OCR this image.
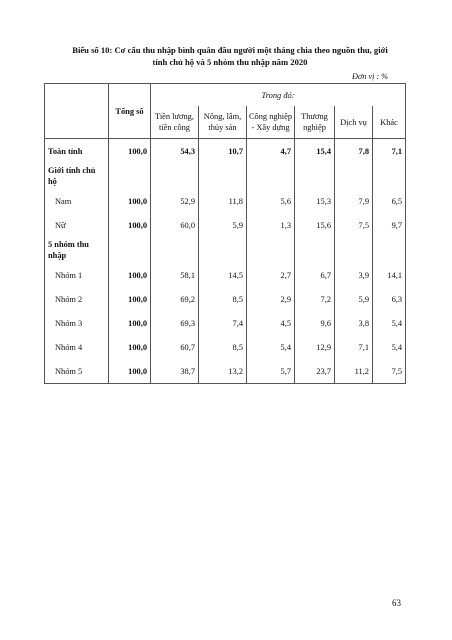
Biểu số 10: Cơ cấu thu nhập bình quân đầu người một tháng chia theo nguồn thu, giới tính chủ hộ và 5 nhóm thu nhập năm 2020
Đơn vị : %

	Tổng số	Trong đó:					
		Tiền lương, tiền công	Nông, lâm, thủy sản	Công nghiệp - Xây dựng	Thương nghiệp	Dịch vụ	Khác
Toàn tỉnh	100,0	54,3	10,7	4,7	15,4	7,8	7,1
Giới tính chủ hộ							
Nam	100,0	52,9	11,8	5,6	15,3	7,9	6,5
Nữ	100,0	60,0	5,9	1,3	15,6	7,5	9,7
5 nhóm thu nhập							
Nhóm 1	100,0	58,1	14,5	2,7	6,7	3,9	14,1
Nhóm 2	100,0	69,2	8,5	2,9	7,2	5,9	6,3
Nhóm 3	100,0	69,3	7,4	4,5	9,6	3,8	5,4
Nhóm 4	100,0	60,7	8,5	5,4	12,9	7,1	5,4
Nhóm 5	100,0	38,7	13,2	5,7	23,7	11,2	7,5
63
